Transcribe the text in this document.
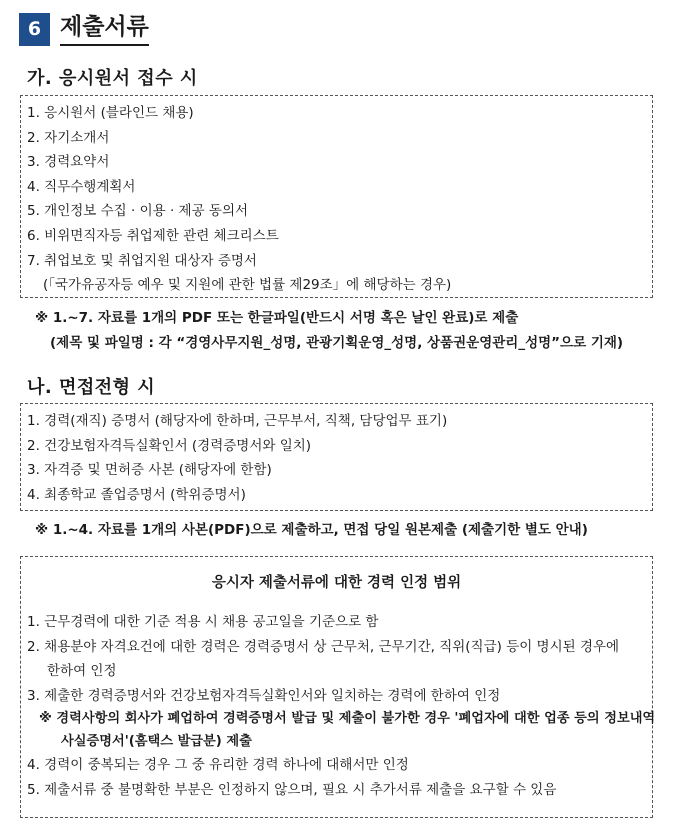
6 제출서류
가. 응시원서 접수 시
1. 응시원서 (블라인드 채용)
2. 자기소개서
3. 경력요약서
4. 직무수행계획서
5. 개인정보 수집 · 이용 · 제공 동의서
6. 비위면직자등 취업제한 관련 체크리스트
7. 취업보호 및 취업지원 대상자 증명서
(「국가유공자등 예우 및 지원에 관한 법률 제29조」에 해당하는 경우)
※ 1.~7. 자료를 1개의 PDF 또는 한글파일(반드시 서명 혹은 날인 완료)로 제출
(제목 및 파일명 : 각 “경영사무지원_성명, 관광기획운영_성명, 상품권운영관리_성명”으로 기재)
나. 면접전형 시
1. 경력(재직) 증명서 (해당자에 한하며, 근무부서, 직책, 담당업무 표기)
2. 건강보험자격득실확인서 (경력증명서와 일치)
3. 자격증 및 면허증 사본 (해당자에 한함)
4. 최종학교 졸업증명서 (학위증명서)
※ 1.~4. 자료를 1개의 사본(PDF)으로 제출하고, 면접 당일 원본제출 (제출기한 별도 안내)
응시자 제출서류에 대한 경력 인정 범위
1. 근무경력에 대한 기준 적용 시 채용 공고일을 기준으로 함
2. 채용분야 자격요건에 대한 경력은 경력증명서 상 근무처, 근무기간, 직위(직급) 등이 명시된 경우에
한하여 인정
3. 제출한 경력증명서와 건강보험자격득실확인서와 일치하는 경력에 한하여 인정
※ 경력사항의 회사가 폐업하여 경력증명서 발급 및 제출이 불가한 경우 '폐업자에 대한 업종 등의 정보내역
사실증명서'(홈택스 발급분) 제출
4. 경력이 중복되는 경우 그 중 유리한 경력 하나에 대해서만 인정
5. 제출서류 중 불명확한 부분은 인정하지 않으며, 필요 시 추가서류 제출을 요구할 수 있음
